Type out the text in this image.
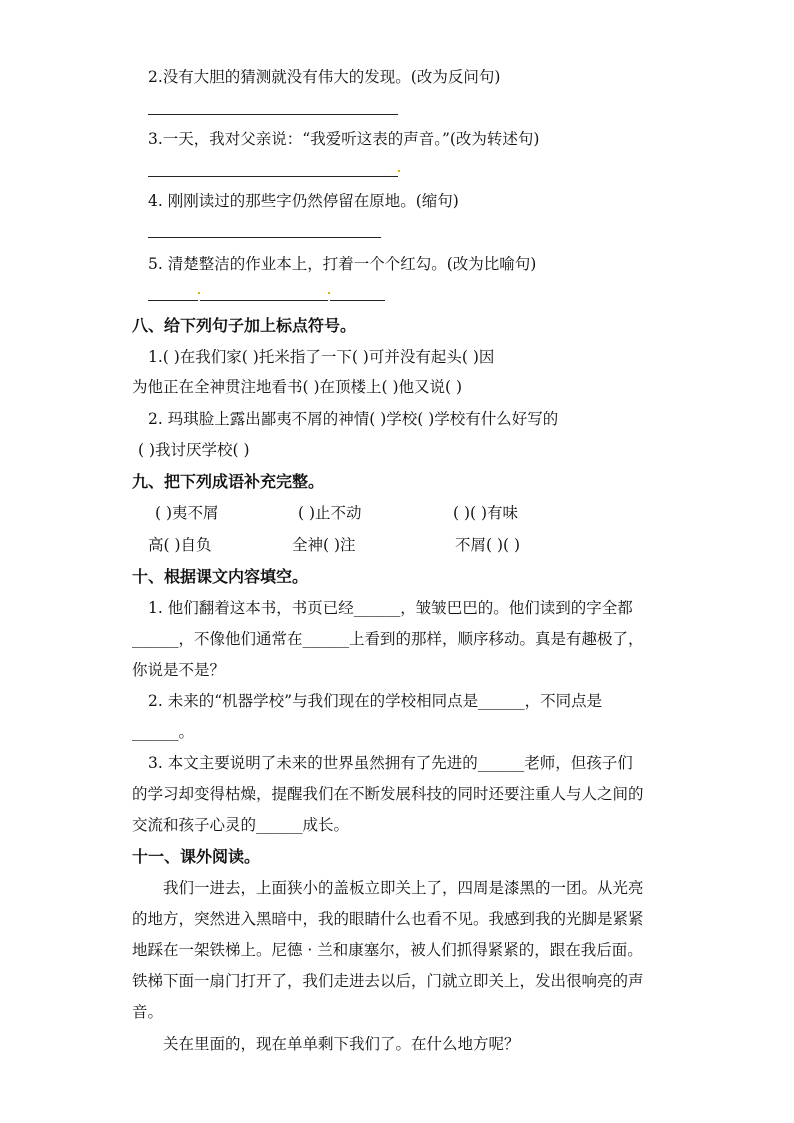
2.没有大胆的猜测就没有伟大的发现。(改为反问句)
3.一天，我对父亲说：“我爱听这表的声音。”(改为转述句)
4. 刚刚读过的那些字仍然停留在原地。(缩句)
5. 清楚整洁的作业本上，打着一个个红勾。(改为比喻句)
八、给下列句子加上标点符号。
1.( )在我们家( )托米指了一下( )可并没有起头( )因
为他正在全神贯注地看书( )在顶楼上( )他又说( )
2. 玛琪脸上露出鄙夷不屑的神情( )学校( )学校有什么好写的
( )我讨厌学校( )
九、把下列成语补充完整。
( )夷不屑	( )止不动	( )( )有味
高( )自负	全神( )注	不屑( )( )
十、根据课文内容填空。
1. 他们翻着这本书，书页已经______，皱皱巴巴的。他们读到的字全都
______，不像他们通常在______上看到的那样，顺序移动。真是有趣极了，
你说是不是？
2. 未来的“机器学校”与我们现在的学校相同点是______，不同点是
______。
3. 本文主要说明了未来的世界虽然拥有了先进的______老师，但孩子们
的学习却变得枯燥，提醒我们在不断发展科技的同时还要注重人与人之间的
交流和孩子心灵的______成长。
十一、课外阅读。
我们一进去，上面狭小的盖板立即关上了，四周是漆黑的一团。从光亮
的地方，突然进入黑暗中，我的眼睛什么也看不见。我感到我的光脚是紧紧
地踩在一架铁梯上。尼德 · 兰和康塞尔，被人们抓得紧紧的，跟在我后面。
铁梯下面一扇门打开了，我们走进去以后，门就立即关上，发出很响亮的声
音。
关在里面的，现在单单剩下我们了。在什么地方呢？
